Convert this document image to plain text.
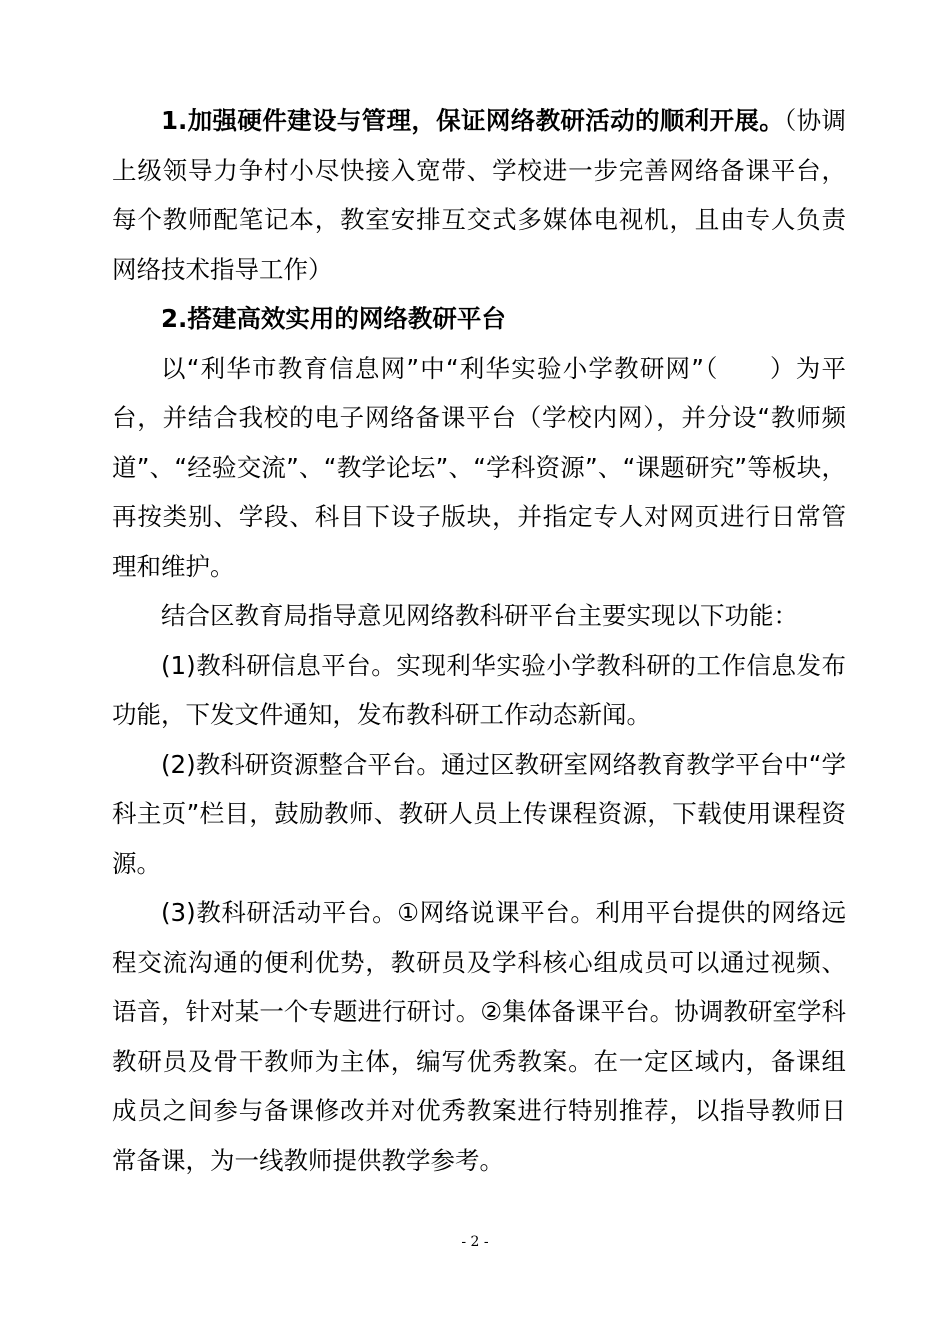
1.加强硬件建设与管理，保证网络教研活动的顺利开展。（协调上级领导力争村小尽快接入宽带、学校进一步完善网络备课平台，每个教师配笔记本，教室安排互交式多媒体电视机，且由专人负责网络技术指导工作）

2.搭建高效实用的网络教研平台

以“利华市教育信息网”中“利华实验小学教研网”（　　）为平台，并结合我校的电子网络备课平台（学校内网），并分设“教师频道”、“经验交流”、“教学论坛”、“学科资源”、“课题研究”等板块，再按类别、学段、科目下设子版块，并指定专人对网页进行日常管理和维护。

结合区教育局指导意见网络教科研平台主要实现以下功能：

(1)教科研信息平台。实现利华实验小学教科研的工作信息发布功能，下发文件通知，发布教科研工作动态新闻。

(2)教科研资源整合平台。通过区教研室网络教育教学平台中“学科主页”栏目，鼓励教师、教研人员上传课程资源，下载使用课程资源。

(3)教科研活动平台。①网络说课平台。利用平台提供的网络远程交流沟通的便利优势，教研员及学科核心组成员可以通过视频、语音，针对某一个专题进行研讨。②集体备课平台。协调教研室学科教研员及骨干教师为主体，编写优秀教案。在一定区域内，备课组成员之间参与备课修改并对优秀教案进行特别推荐，以指导教师日常备课，为一线教师提供教学参考。

- 2 -
